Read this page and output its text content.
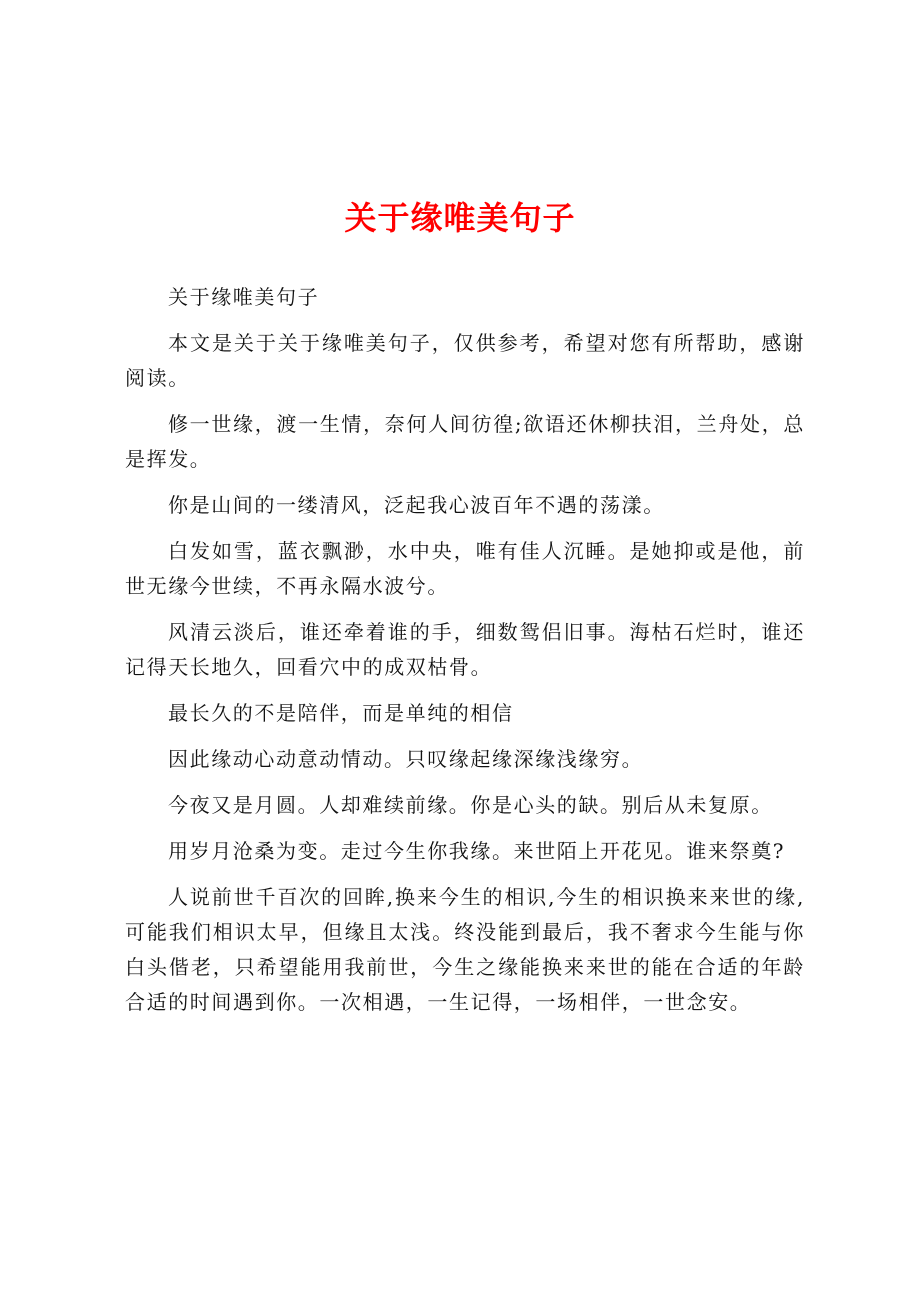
关于缘唯美句子

关于缘唯美句子

本文是关于关于缘唯美句子，仅供参考，希望对您有所帮助，感谢阅读。

修一世缘，渡一生情，奈何人间彷徨;欲语还休柳扶泪，兰舟处，总是挥发。

你是山间的一缕清风，泛起我心波百年不遇的荡漾。

白发如雪，蓝衣飘渺，水中央，唯有佳人沉睡。是她抑或是他，前世无缘今世续，不再永隔水波兮。

风清云淡后，谁还牵着谁的手，细数鸳侣旧事。海枯石烂时，谁还记得天长地久，回看穴中的成双枯骨。

最长久的不是陪伴，而是单纯的相信

因此缘动心动意动情动。只叹缘起缘深缘浅缘穷。

今夜又是月圆。人却难续前缘。你是心头的缺。别后从未复原。

用岁月沧桑为变。走过今生你我缘。来世陌上开花见。谁来祭奠?

人说前世千百次的回眸,换来今生的相识,今生的相识换来来世的缘,可能我们相识太早，但缘且太浅。终没能到最后，我不奢求今生能与你白头偕老，只希望能用我前世，今生之缘能换来来世的能在合适的年龄合适的时间遇到你。一次相遇，一生记得，一场相伴，一世念安。
